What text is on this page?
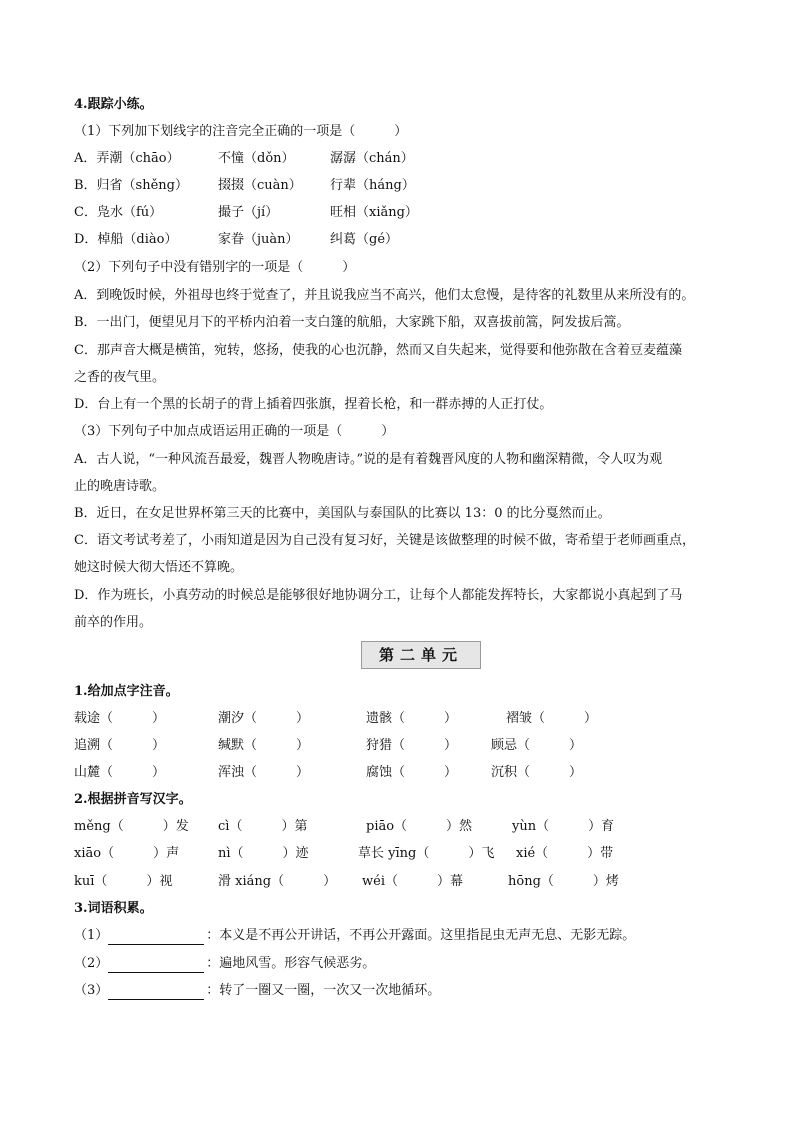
4.跟踪小练。
（1）下列加下划线字的注音完全正确的一项是（　　　）
A．弄潮（chāo）	不憧（dǒn）	潺潺（chán）
B．归省（shěng） 掇掇（cuàn） 行辈（háng）
C．凫水（fú）	撮子（jí）	旺相（xiǎng）
D．棹船（diào）	家眷（juàn） 纠葛（gé）
（2）下列句子中没有错别字的一项是（　　　）
A．到晚饭时候，外祖母也终于觉查了，并且说我应当不高兴，他们太怠慢，是待客的礼数里从来所没有的。
B．一出门，便望见月下的平桥内泊着一支白篷的航船，大家跳下船，双喜拔前篙，阿发拔后篙。
C．那声音大概是横笛，宛转，悠扬，使我的心也沉静，然而又自失起来，觉得要和他弥散在含着豆麦蕴藻
之香的夜气里。
D．台上有一个黑的长胡子的背上插着四张旗，捏着长枪，和一群赤搏的人正打仗。
（3）下列句子中加点成语运用正确的一项是（　　　）
A．古人说，“一种风流吾最爱，魏晋人物晚唐诗。”说的是有着魏晋风度的人物和幽深精微，令人叹为观
止的晚唐诗歌。
B．近日，在女足世界杯第三天的比赛中，美国队与泰国队的比赛以 13：0 的比分戛然而止。
C．语文考试考差了，小雨知道是因为自己没有复习好，关键是该做整理的时候不做，寄希望于老师画重点，
她这时候大彻大悟还不算晚。
D．作为班长，小真劳动的时候总是能够很好地协调分工，让每个人都能发挥特长，大家都说小真起到了马
前卒的作用。
第二单元
1.给加点字注音。
载途（　　　）	潮汐（　　　）	遗骸（　　　）	褶皱（　　　）
追溯（　　　）	缄默（　　　）	狩猎（　　　）	顾忌（　　　）
山麓（　　　）	浑浊（　　　）	腐蚀（　　　）	沉积（　　　）
2.根据拼音写汉字。
měng（　　　）发 cì（　　　）第	piāo（　　　）然	yùn（　　　）育
xiāo（　　　）声	nì（　　　）迹	草长 yīng（　　　）飞 xié（　　　）带
kuī（　　　）视	滑 xiáng（　　　） wéi（　　　）幕	hōng（　　　）烤
3.词语积累。
（1）	：本义是不再公开讲话，不再公开露面。这里指昆虫无声无息、无影无踪。
（2）	：遍地风雪。形容气候恶劣。
（3）	：转了一圈又一圈，一次又一次地循环。
